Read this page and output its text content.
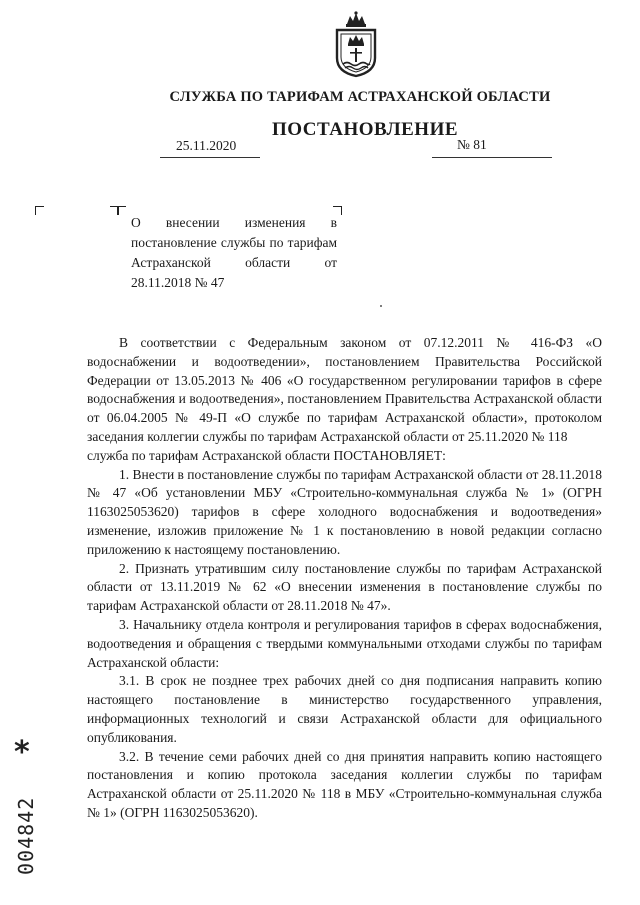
СЛУЖБА ПО ТАРИФАМ АСТРАХАНСКОЙ ОБЛАСТИ
ПОСТАНОВЛЕНИЕ
25.11.2020	№ 81
О внесении изменения в постановление службы по тарифам Астраханской области от 28.11.2018 № 47

В соответствии с Федеральным законом от 07.12.2011 № 416-ФЗ «О водоснабжении и водоотведении», постановлением Правительства Российской Федерации от 13.05.2013 № 406 «О государственном регулировании тарифов в сфере водоснабжения и водоотведения», постановлением Правительства Астраханской области от 06.04.2005 № 49-П «О службе по тарифам Астраханской области», протоколом заседания коллегии службы по тарифам Астраханской области от 25.11.2020 № 118

служба по тарифам Астраханской области ПОСТАНОВЛЯЕТ:

1. Внести в постановление службы по тарифам Астраханской области от 28.11.2018 № 47 «Об установлении МБУ «Строительно-коммунальная служба № 1» (ОГРН 1163025053620) тарифов в сфере холодного водоснабжения и водоотведения» изменение, изложив приложение № 1 к постановлению в новой редакции согласно приложению к настоящему постановлению.

2. Признать утратившим силу постановление службы по тарифам Астраханской области от 13.11.2019 № 62 «О внесении изменения в постановление службы по тарифам Астраханской области от 28.11.2018 № 47».

3. Начальнику отдела контроля и регулирования тарифов в сферах водоснабжения, водоотведения и обращения с твердыми коммунальными отходами службы по тарифам Астраханской области:

3.1. В срок не позднее трех рабочих дней со дня подписания направить копию настоящего постановление в министерство государственного управления, информационных технологий и связи Астраханской области для официального опубликования.

3.2. В течение семи рабочих дней со дня принятия направить копию настоящего постановления и копию протокола заседания коллегии службы по тарифам Астраханской области от 25.11.2020 № 118 в МБУ «Строительно-коммунальная служба № 1» (ОГРН 1163025053620).

*
004842
